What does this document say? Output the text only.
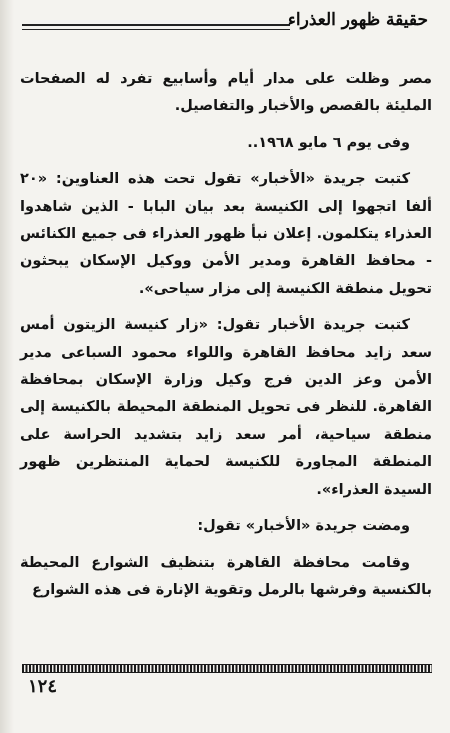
حقيقة ظهور العذراء

مصر وظلت على مدار أيام وأسابيع تفرد له الصفحات المليئة بالقصص والأخبار والتفاصيل.

وفى يوم ٦ مايو ١٩٦٨..

كتبت جريدة «الأخبار» تقول تحت هذه العناوين: «٢٠ ألفا اتجهوا إلى الكنيسة بعد بيان البابا - الذين شاهدوا العذراء يتكلمون. إعلان نبأ ظهور العذراء فى جميع الكنائس - محافظ القاهرة ومدير الأمن ووكيل الإسكان يبحثون تحويل منطقة الكنيسة إلى مزار سياحى».

كتبت جريدة الأخبار تقول: «زار كنيسة الزيتون أمس سعد زايد محافظ القاهرة واللواء محمود السباعى مدير الأمن وعز الدين فرج وكيل وزارة الإسكان بمحافظة القاهرة. للنظر فى تحويل المنطقة المحيطة بالكنيسة إلى منطقة سياحية، أمر سعد زايد بتشديد الحراسة على المنطقة المجاورة للكنيسة لحماية المنتظرين ظهور السيدة العذراء».

ومضت جريدة «الأخبار» تقول:

وقامت محافظة القاهرة بتنظيف الشوارع المحيطة بالكنسية وفرشها بالرمل وتقوية الإنارة فى هذه الشوارع

١٢٤
